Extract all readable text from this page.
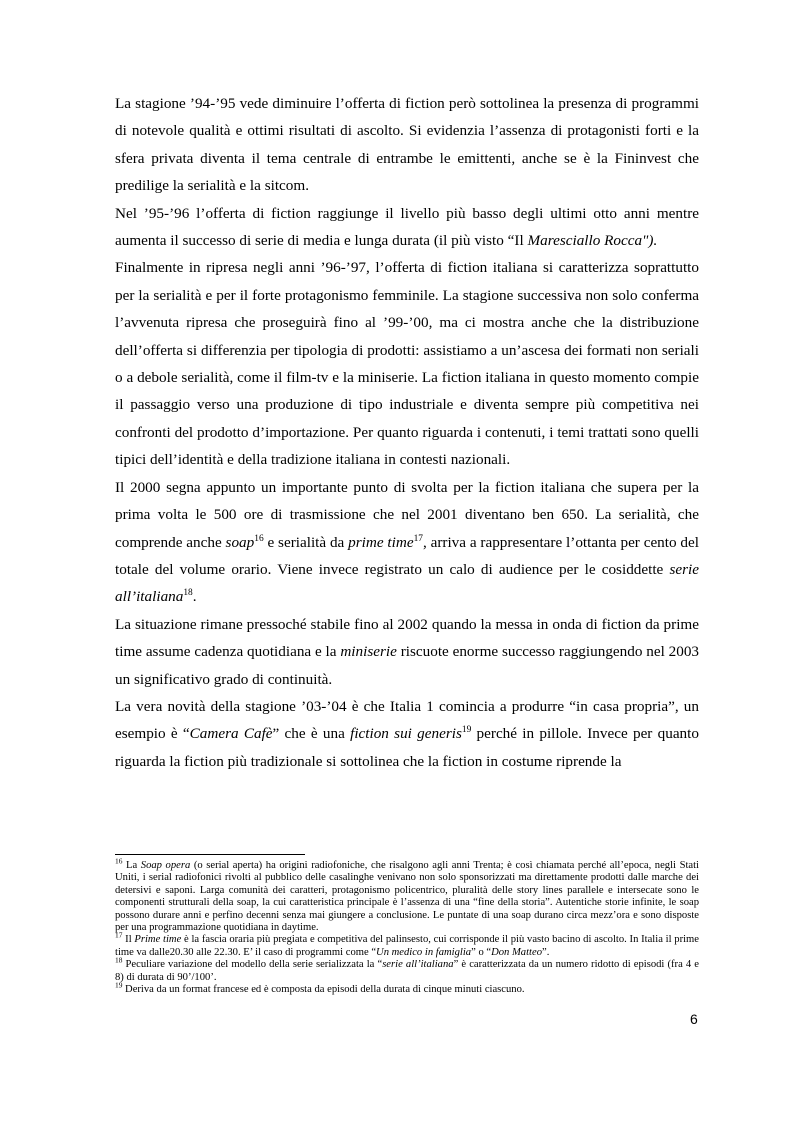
La stagione ’94-’95 vede diminuire l’offerta di fiction però sottolinea la presenza di programmi di notevole qualità e ottimi risultati di ascolto. Si evidenzia l’assenza di protagonisti forti e la sfera privata diventa il tema centrale di entrambe le emittenti, anche se è la Fininvest che predilige la serialità e la sitcom.

Nel ’95-’96 l’offerta di fiction raggiunge il livello più basso degli ultimi otto anni mentre aumenta il successo di serie di media e lunga durata (il più visto “Il Maresciallo Rocca").

Finalmente in ripresa negli anni ’96-’97, l’offerta di fiction italiana si caratterizza soprattutto per la serialità e per il forte protagonismo femminile. La stagione successiva non solo conferma l’avvenuta ripresa che proseguirà fino al ’99-’00, ma ci mostra anche che la distribuzione dell’offerta si differenzia per tipologia di prodotti: assistiamo a un’ascesa dei formati non seriali o a debole serialità, come il film-tv e la miniserie. La fiction italiana in questo momento compie il passaggio verso una produzione di tipo industriale e diventa sempre più competitiva nei confronti del prodotto d’importazione. Per quanto riguarda i contenuti, i temi trattati sono quelli tipici dell’identità e della tradizione italiana in contesti nazionali.

Il 2000 segna appunto un importante punto di svolta per la fiction italiana che supera per la prima volta le 500 ore di trasmissione che nel 2001 diventano ben 650. La serialità, che comprende anche soap$^{16}$ e serialità da prime time$^{17}$, arriva a rappresentare l’ottanta per cento del totale del volume orario. Viene invece registrato un calo di audience per le cosiddette serie all’italiana$^{18}$.

La situazione rimane pressoché stabile fino al 2002 quando la messa in onda di fiction da prime time assume cadenza quotidiana e la miniserie riscuote enorme successo raggiungendo nel 2003 un significativo grado di continuità.

La vera novità della stagione ’03-’04 è che Italia 1 comincia a produrre “in casa propria”, un esempio è “Camera Cafè” che è una fiction sui generis$^{19}$ perché in pillole. Invece per quanto riguarda la fiction più tradizionale si sottolinea che la fiction in costume riprende la

$^{16}$ La Soap opera (o serial aperta) ha origini radiofoniche, che risalgono agli anni Trenta; è così chiamata perché all’epoca, negli Stati Uniti, i serial radiofonici rivolti al pubblico delle casalinghe venivano non solo sponsorizzati ma direttamente prodotti dalle marche dei detersivi e saponi. Larga comunità dei caratteri, protagonismo policentrico, pluralità delle story lines parallele e intersecate sono le componenti strutturali della soap, la cui caratteristica principale è l’assenza di una “fine della storia”. Autentiche storie infinite, le soap possono durare anni e perfino decenni senza mai giungere a conclusione. Le puntate di una soap durano circa mezz’ora e sono disposte per una programmazione quotidiana in daytime.

$^{17}$ Il Prime time è la fascia oraria più pregiata e competitiva del palinsesto, cui corrisponde il più vasto bacino di ascolto. In Italia il prime time va dalle20.30 alle 22.30. E’ il caso di programmi come “Un medico in famiglia” o “Don Matteo”.

$^{18}$ Peculiare variazione del modello della serie serializzata la “serie all’italiana” è caratterizzata da un numero ridotto di episodi (fra 4 e 8) di durata di 90’/100’.

$^{19}$ Deriva da un format francese ed è composta da episodi della durata di cinque minuti ciascuno.

6
